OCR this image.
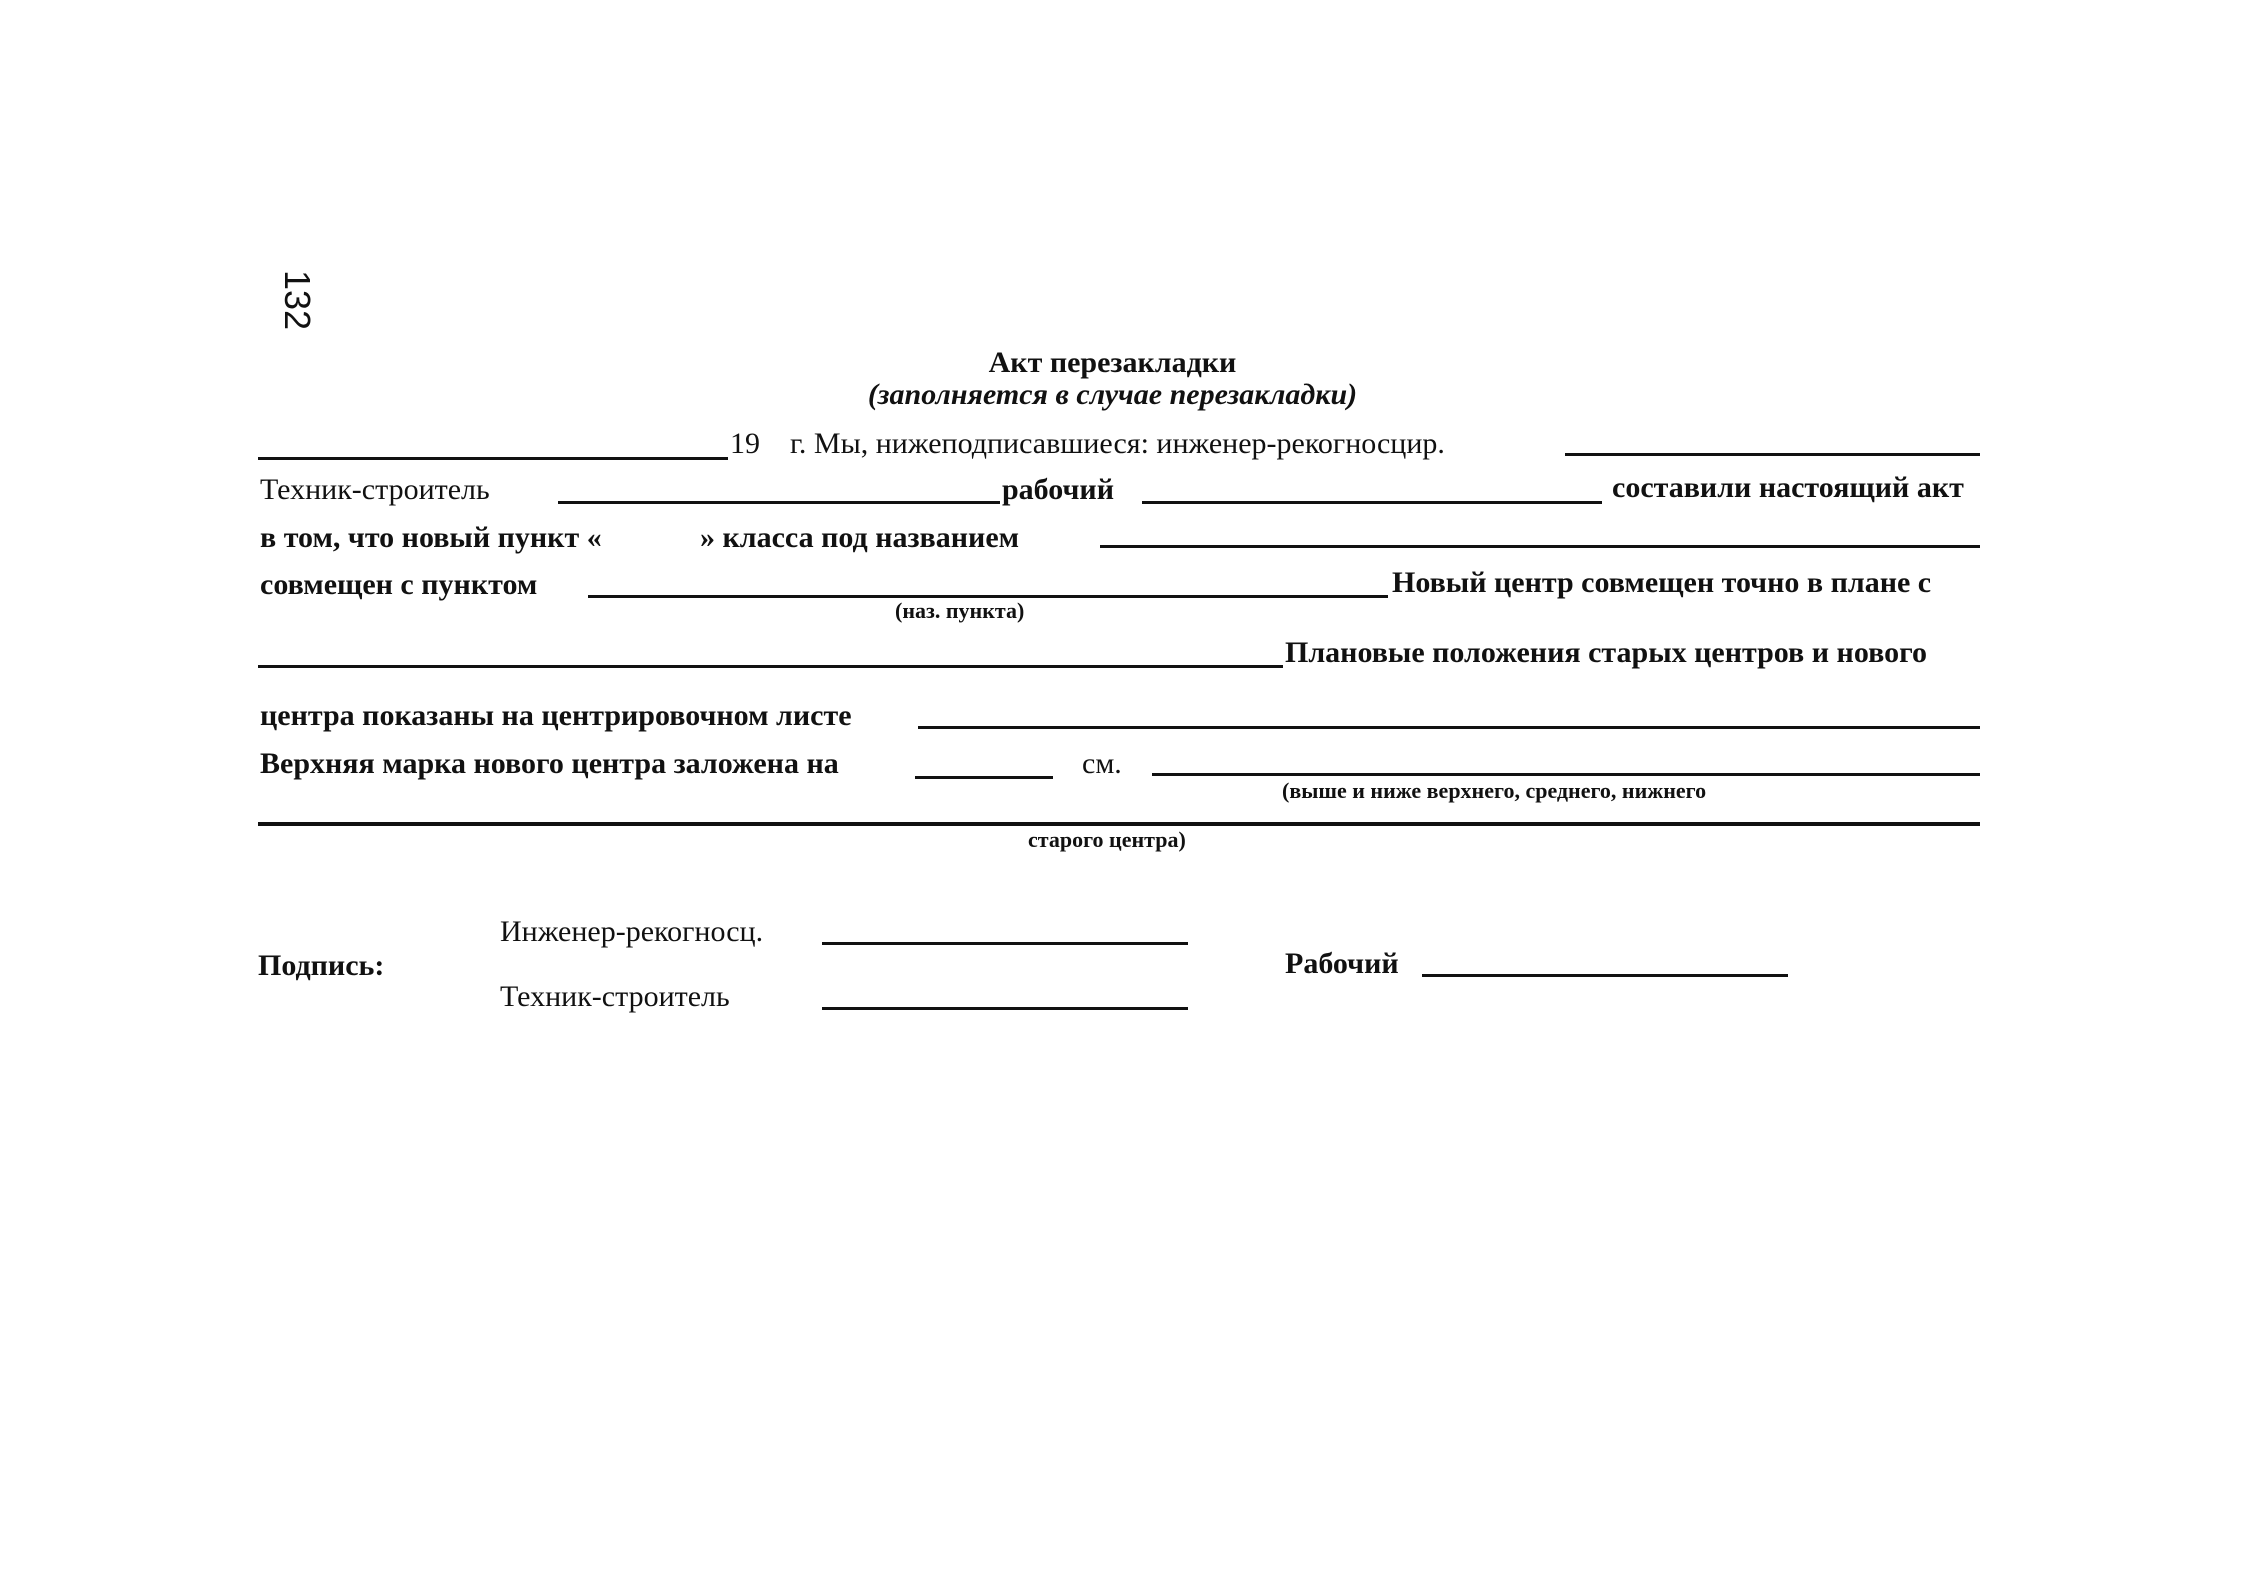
132
Акт перезакладки
(заполняется в случае перезакладки)
19 г. Мы, нижеподписавшиеся: инженер-рекогносцир.
Техник-строитель	рабочий	составили настоящий акт
в том, что новый пункт «	» класса под названием
совмещен с пунктом
(наз. пункта)
Новый центр совмещен точно в плане с
Плановые положения старых центров и нового
центра показаны на центрировочном листе
Верхняя марка нового центра заложена на	см.
(выше и ниже верхнего, среднего, нижнего
старого центра)
Подпись:
Инженер-рекогносц.
Техник-строитель
Рабочий
